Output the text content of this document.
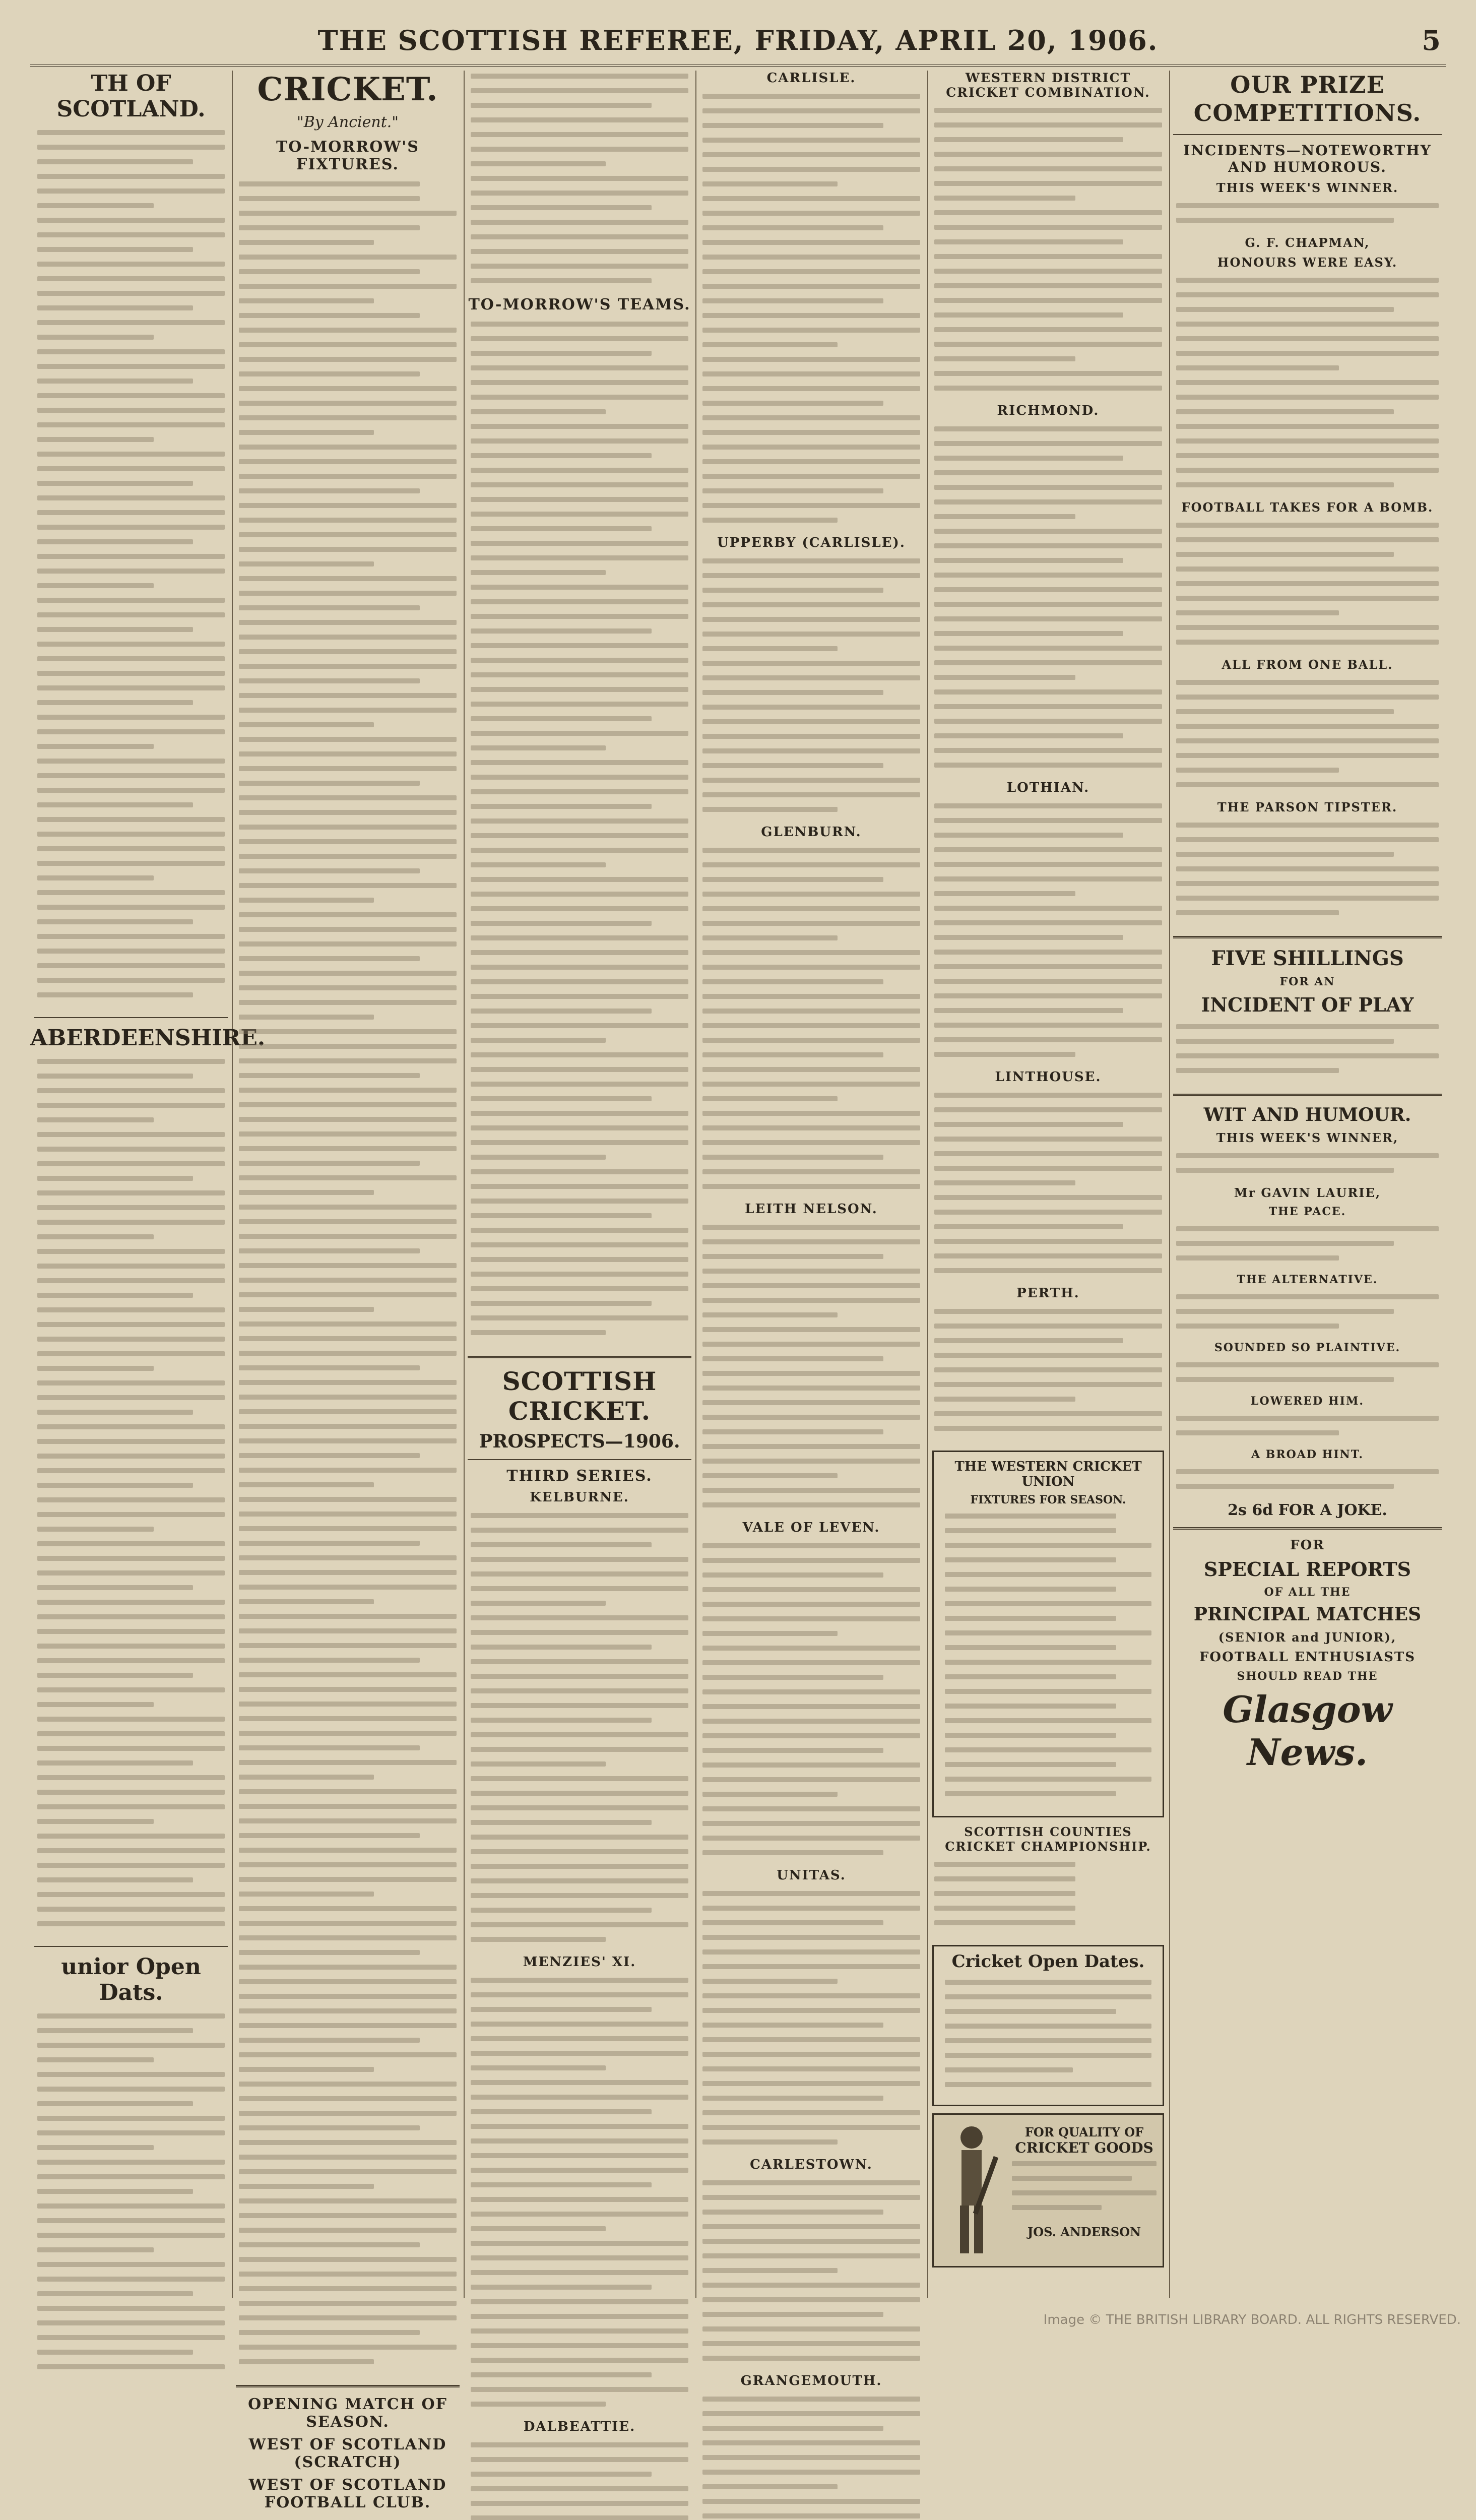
THE SCOTTISH REFEREE, FRIDAY, APRIL 20, 1906.	5
TH OF SCOTLAND.
ABERDEENSHIRE.
unior Open Dats.
CRICKET.
"By Ancient."
TO-MORROW'S FIXTURES.
OPENING MATCH OF SEASON.
WEST OF SCOTLAND (SCRATCH)
WEST OF SCOTLAND FOOTBALL CLUB.
TO-MORROW'S TEAMS.
SCOTTISH CRICKET.
PROSPECTS—1906.
THIRD SERIES.
KELBURNE.
MENZIES' XI.
DALBEATTIE.
CARLISLE.
UPPERBY (CARLISLE).
GLENBURN.
LEITH NELSON.
VALE OF LEVEN.
UNITAS.
CARLESTOWN.
GRANGEMOUTH.
WESTERN DISTRICT CRICKET COMBINATION.
RICHMOND.
LOTHIAN.
LINTHOUSE.
PERTH.
THE WESTERN CRICKET UNION
FIXTURES FOR SEASON.
SCOTTISH COUNTIES CRICKET CHAMPIONSHIP.
Cricket Open Dates.
FOR QUALITY OF
CRICKET GOODS
JOS. ANDERSON
OUR PRIZE COMPETITIONS.
INCIDENTS—NOTEWORTHY AND HUMOROUS.
THIS WEEK'S WINNER.
G. F. CHAPMAN,
HONOURS WERE EASY.
FOOTBALL TAKES FOR A BOMB.
ALL FROM ONE BALL.
THE PARSON TIPSTER.
FIVE SHILLINGS
FOR AN
INCIDENT OF PLAY
WIT AND HUMOUR.
THIS WEEK'S WINNER,
Mr GAVIN LAURIE,
THE PACE.
THE ALTERNATIVE.
SOUNDED SO PLAINTIVE.
LOWERED HIM.
A BROAD HINT.
2s 6d FOR A JOKE.
FOR
SPECIAL REPORTS
OF ALL THE
PRINCIPAL MATCHES
(SENIOR and JUNIOR),
FOOTBALL ENTHUSIASTS
SHOULD READ THE
Glasgow News.
Image © THE BRITISH LIBRARY BOARD. ALL RIGHTS RESERVED.
